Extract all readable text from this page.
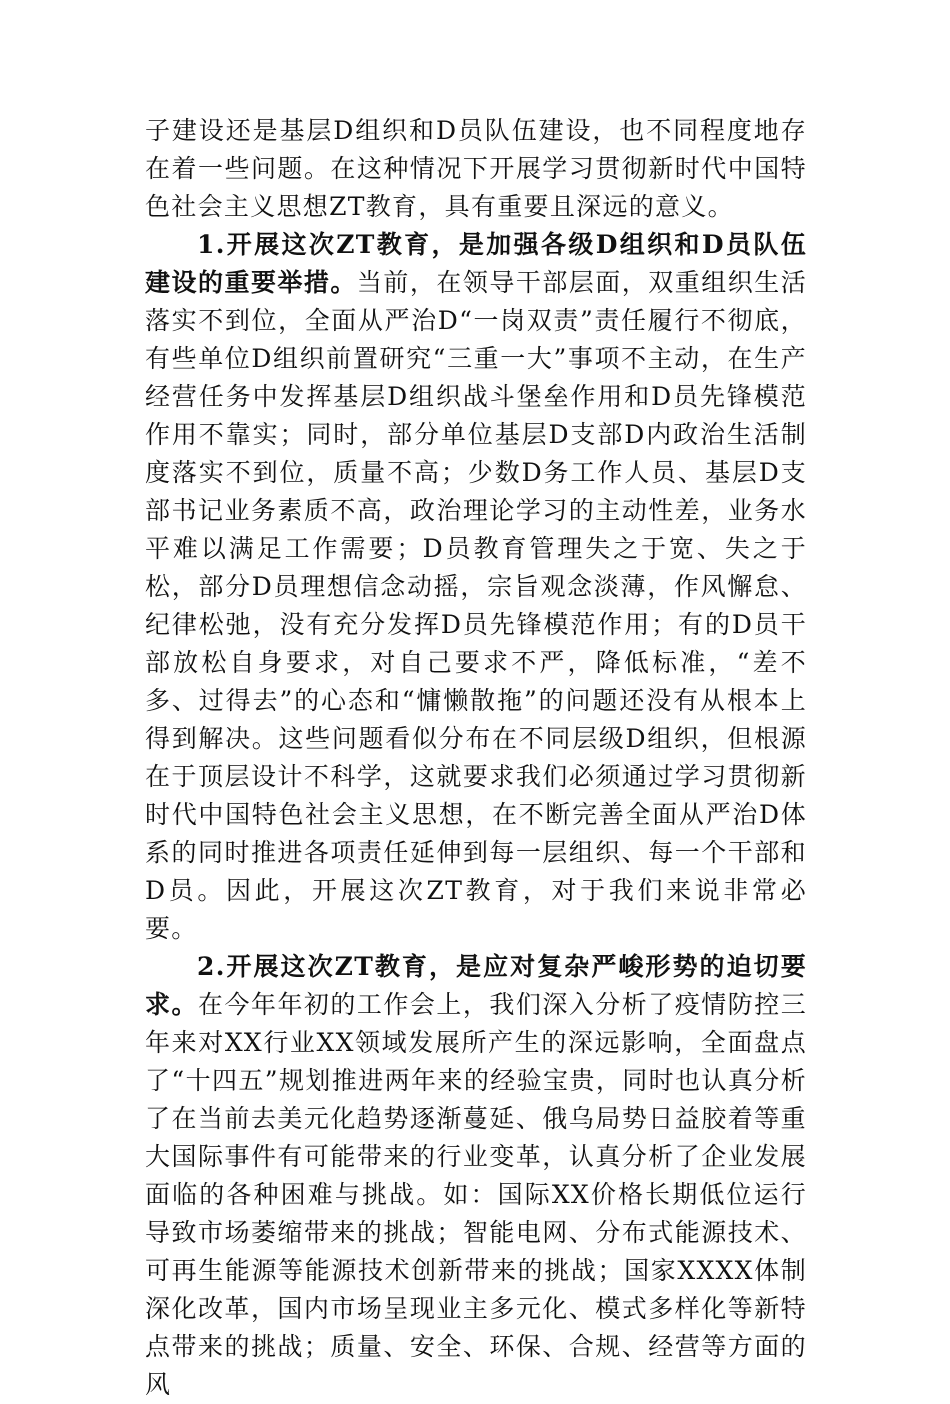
子建设还是基层D组织和D员队伍建设，也不同程度地存在着一些问题。在这种情况下开展学习贯彻新时代中国特色社会主义思想ZT教育，具有重要且深远的意义。

1.开展这次ZT教育，是加强各级D组织和D员队伍建设的重要举措。当前，在领导干部层面，双重组织生活落实不到位，全面从严治D“一岗双责”责任履行不彻底，有些单位D组织前置研究“三重一大”事项不主动，在生产经营任务中发挥基层D组织战斗堡垒作用和D员先锋模范作用不靠实；同时，部分单位基层D支部D内政治生活制度落实不到位，质量不高；少数D务工作人员、基层D支部书记业务素质不高，政治理论学习的主动性差，业务水平难以满足工作需要；D员教育管理失之于宽、失之于松，部分D员理想信念动摇，宗旨观念淡薄，作风懈怠、纪律松弛，没有充分发挥D员先锋模范作用；有的D员干部放松自身要求，对自己要求不严，降低标准，“差不多、过得去”的心态和“慵懒散拖”的问题还没有从根本上得到解决。这些问题看似分布在不同层级D组织，但根源在于顶层设计不科学，这就要求我们必须通过学习贯彻新时代中国特色社会主义思想，在不断完善全面从严治D体系的同时推进各项责任延伸到每一层组织、每一个干部和D员。因此，开展这次ZT教育，对于我们来说非常必要。

2.开展这次ZT教育，是应对复杂严峻形势的迫切要求。在今年年初的工作会上，我们深入分析了疫情防控三年来对XX行业XX领域发展所产生的深远影响，全面盘点了“十四五”规划推进两年来的经验宝贵，同时也认真分析了在当前去美元化趋势逐渐蔓延、俄乌局势日益胶着等重大国际事件有可能带来的行业变革，认真分析了企业发展面临的各种困难与挑战。如：国际XX价格长期低位运行导致市场萎缩带来的挑战；智能电网、分布式能源技术、可再生能源等能源技术创新带来的挑战；国家XXXX体制深化改革，国内市场呈现业主多元化、模式多样化等新特点带来的挑战；质量、安全、环保、合规、经营等方面的风
